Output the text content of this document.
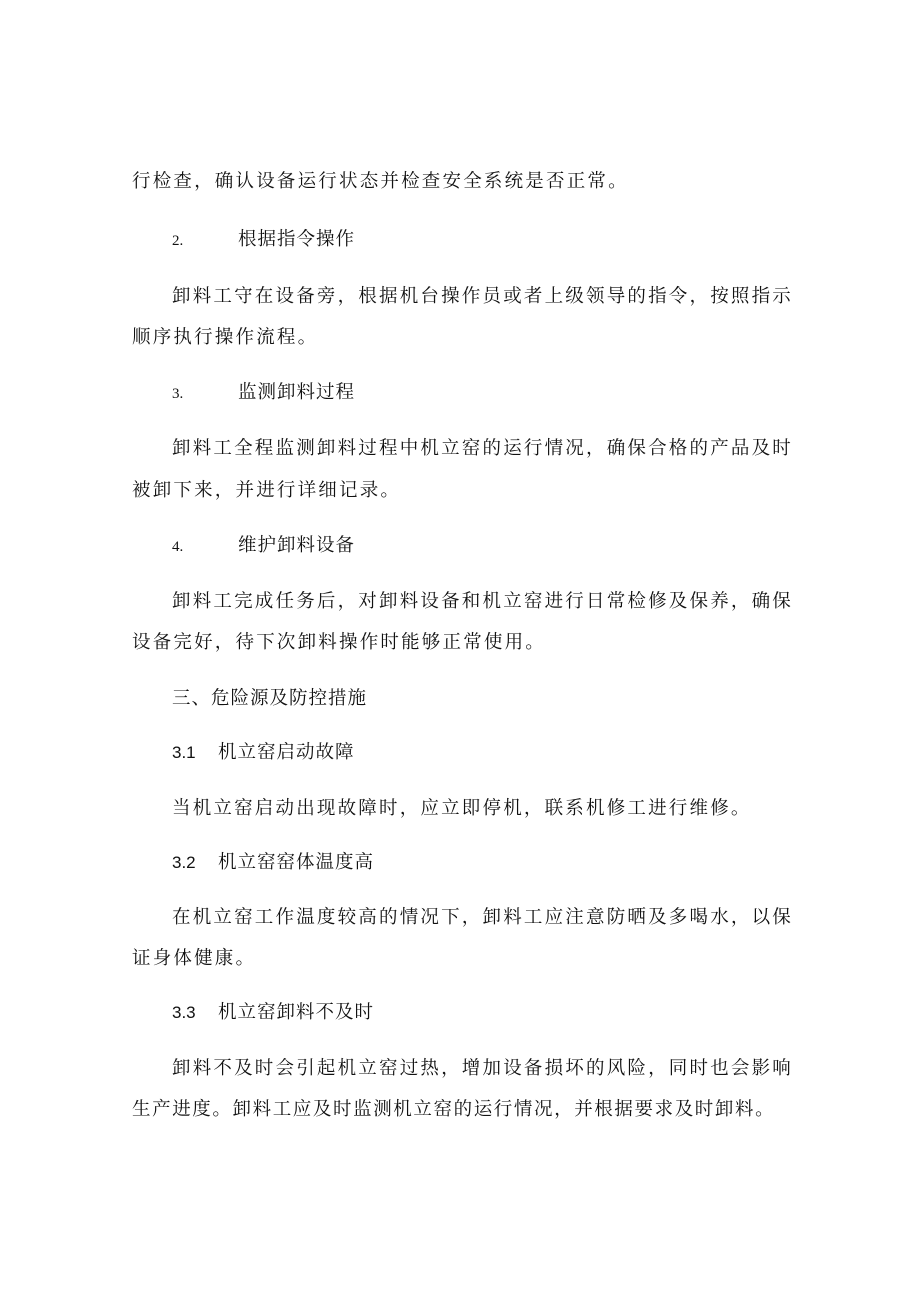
行检查，确认设备运行状态并检查安全系统是否正常。
2.	根据指令操作
卸料工守在设备旁，根据机台操作员或者上级领导的指令，按照指示
顺序执行操作流程。
3.	监测卸料过程
卸料工全程监测卸料过程中机立窑的运行情况，确保合格的产品及时
被卸下来，并进行详细记录。
4.	维护卸料设备
卸料工完成任务后，对卸料设备和机立窑进行日常检修及保养，确保
设备完好，待下次卸料操作时能够正常使用。
三、危险源及防控措施
3.1 机立窑启动故障
当机立窑启动出现故障时，应立即停机，联系机修工进行维修。
3.2 机立窑窑体温度高
在机立窑工作温度较高的情况下，卸料工应注意防晒及多喝水，以保
证身体健康。
3.3 机立窑卸料不及时
卸料不及时会引起机立窑过热，增加设备损坏的风险，同时也会影响
生产进度。卸料工应及时监测机立窑的运行情况，并根据要求及时卸料。
